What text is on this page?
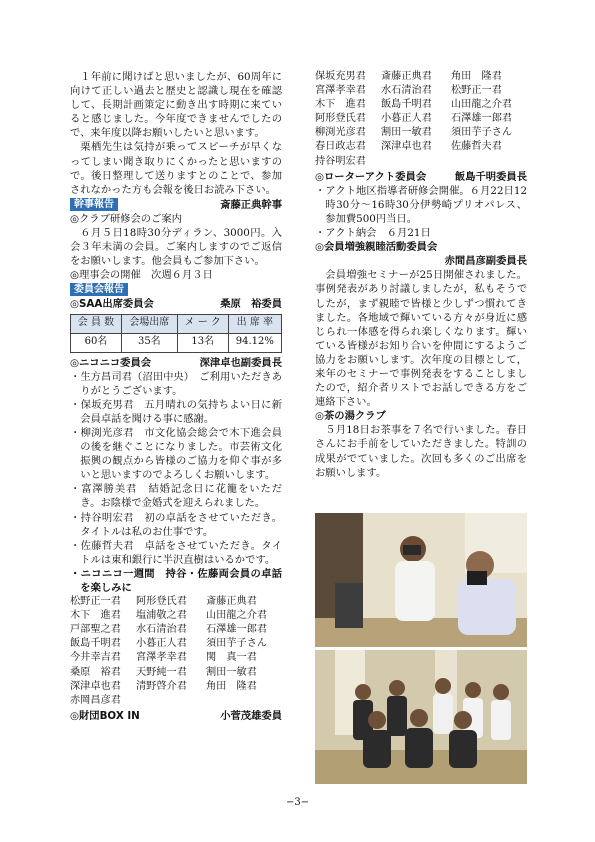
１年前に聞けばと思いましたが、60周年に向けて正しい過去と歴史と認識し現在を確認して、長期計画策定に動き出す時期に来ていると感じました。今年度できませんでしたので、来年度以降お願いしたいと思います。

栗栖先生は気持が乗ってスピーチが早くなってしまい聞き取りにくかったと思いますので。後日整理して送りますとのことで、参加されなかった方も会報を後日お読み下さい。

幹事報告	斎藤正典幹事

◎クラブ研修会のご案内

６月５日18時30分ディラン、3000円。入会３年未満の会員。ご案内しますのでご返信をお願いします。他会員もご参加下さい。

◎理事会の開催　次週６月３日

委員会報告
◎SAA出席委員会	桑原　裕委員
会 員 数	会場出席	メ ー ク	出 席 率
60名	35名	13名	94.12%
◎ニコニコ委員会	深津卓也副委員長

・生方昌司君（沼田中央）　ご利用いただきありがとうございます。

・保坂充男君　五月晴れの気持ちよい日に新会員卓話を聞ける事に感謝。

・柳渕光彦君　市文化協会総会で木下進会員の後を継ぐことになりました。市芸術文化振興の観点から皆様のご協力を仰ぐ事が多いと思いますのでよろしくお願いします。

・富澤勝美君　結婚記念日に花籠をいただき。お陰様で金婚式を迎えられました。

・持谷明宏君　初の卓話をさせていただき。タイトルは私のお仕事です。

・佐藤哲夫君　卓話をさせていただき。タイトルは東和銀行に半沢直樹はいるかです。

・ニコニコ一週間　持谷・佐藤両会員の卓話を楽しみに

松野正一君	阿形登氏君	斎藤正典君
木下　進君	塩浦敬之君	山田龍之介君
戸部聖之君	水石清治君	石澤雄一郎君
飯島千明君	小暮正人君	須田芋子さん
今井幸吉君	宮澤孝幸君	関　真一君
桑原　裕君	天野純一君	割田一敏君
深津卓也君	清野啓介君	角田　隆君
赤岡昌彦君
◎財団BOX IN	小菅茂雄委員
保坂充男君	斎藤正典君	角田　隆君
宮澤孝幸君	水石清治君	松野正一君
木下　進君	飯島千明君	山田龍之介君
阿形登氏君	小暮正人君	石澤雄一郎君
柳渕光彦君	割田一敏君	須田芋子さん
春日政志君	深津卓也君	佐藤哲夫君
持谷明宏君
◎ローターアクト委員会	飯島千明委員長

・アクト地区指導者研修会開催。６月22日12時30分〜16時30分伊勢崎プリオパレス、参加費500円当日。

・アクト納会　６月21日

◎会員増強親睦活動委員会

赤間昌彦副委員長

会員増強セミナーが25日開催されました。事例発表があり討議しましたが，私もそうでしたが，まず親睦で皆様と少しずつ慣れてきました。各地域で輝いている方々が身近に感じられ一体感を得られ楽しくなります。輝いている皆様がお知り合いを仲間にするようご協力をお願いします。次年度の目標として，来年のセミナーで事例発表をすることしましたので，紹介者リストでお話しできる方をご連絡下さい。

◎茶の湯クラブ

５月18日お茶事を７名で行いました。春日さんにお手前をしていただきました。特訓の成果がでていました。次回も多くのご出席をお願いします。

−3−
